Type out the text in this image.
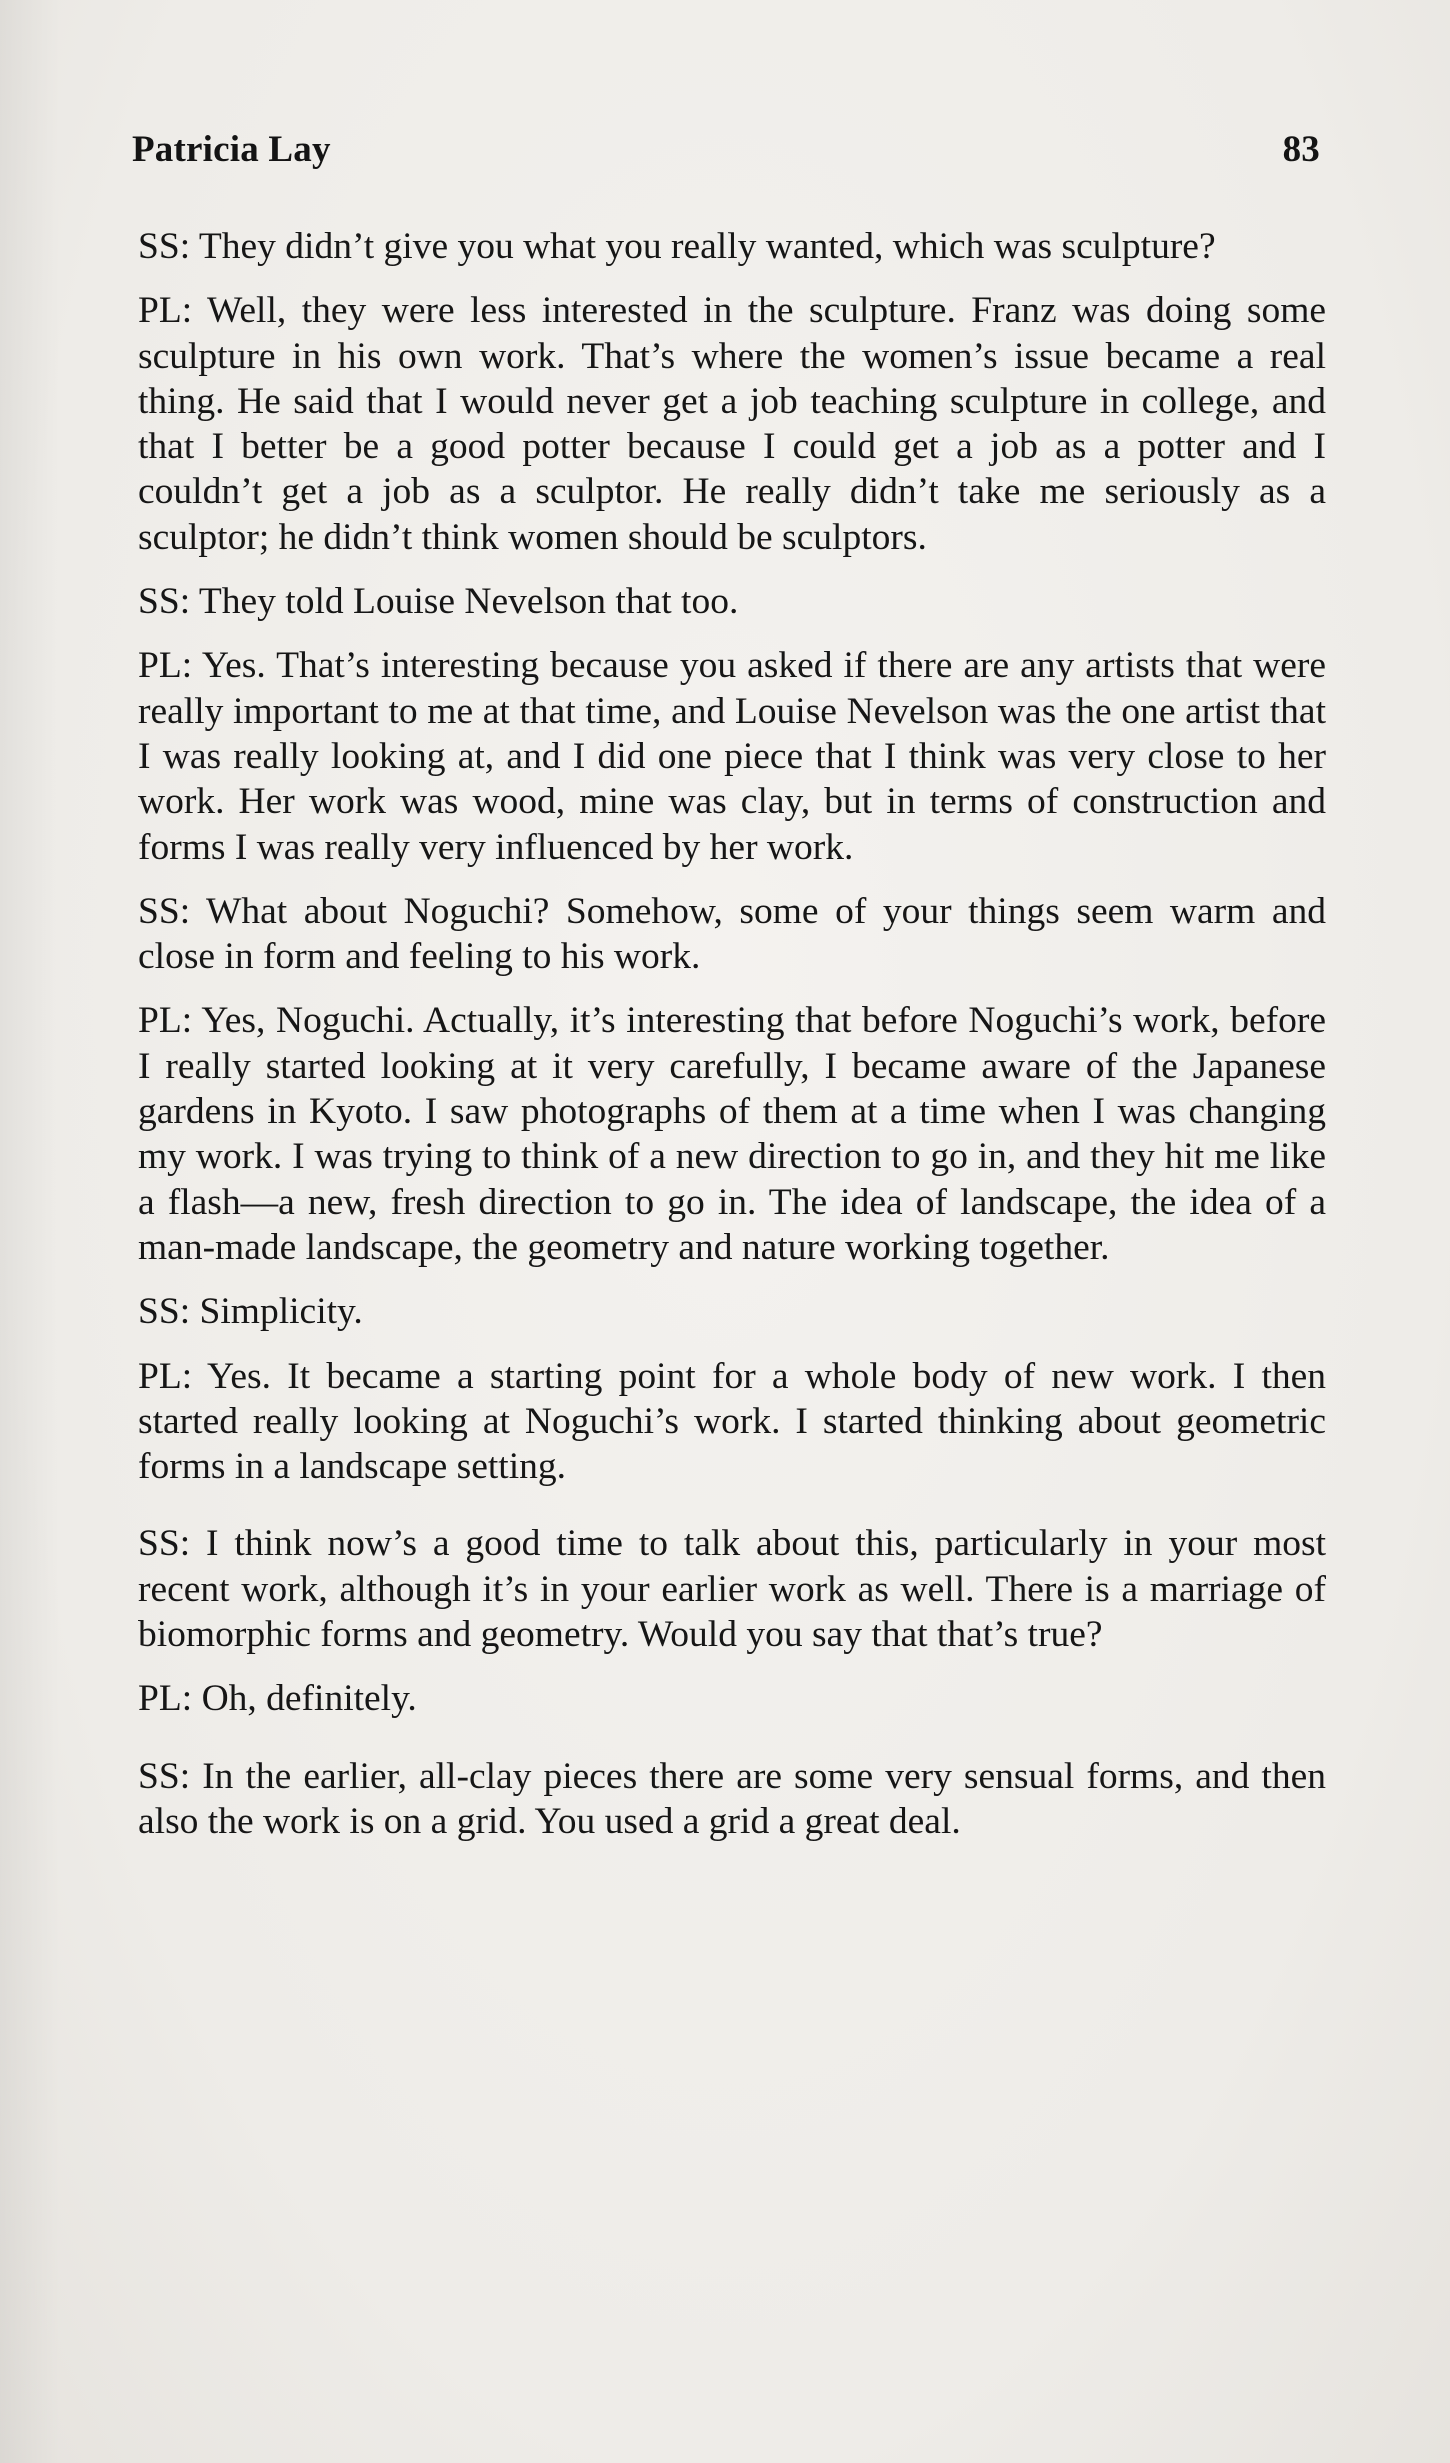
Patricia Lay	83

SS: They didn’t give you what you really wanted, which was sculpture?

PL: Well, they were less interested in the sculpture. Franz was doing some sculpture in his own work. That’s where the women’s issue became a real thing. He said that I would never get a job teaching sculpture in college, and that I better be a good potter because I could get a job as a potter and I couldn’t get a job as a sculptor. He really didn’t take me seriously as a sculptor; he didn’t think women should be sculptors.

SS: They told Louise Nevelson that too.

PL: Yes. That’s interesting because you asked if there are any artists that were really important to me at that time, and Louise Nevelson was the one artist that I was really looking at, and I did one piece that I think was very close to her work. Her work was wood, mine was clay, but in terms of construction and forms I was really very influenced by her work.

SS: What about Noguchi? Somehow, some of your things seem warm and close in form and feeling to his work.

PL: Yes, Noguchi. Actually, it’s interesting that before Noguchi’s work, before I really started looking at it very carefully, I became aware of the Japanese gardens in Kyoto. I saw photographs of them at a time when I was changing my work. I was trying to think of a new direction to go in, and they hit me like a flash—a new, fresh direction to go in. The idea of landscape, the idea of a man-made landscape, the geometry and nature working together.

SS: Simplicity.

PL: Yes. It became a starting point for a whole body of new work. I then started really looking at Noguchi’s work. I started thinking about geometric forms in a landscape setting.

SS: I think now’s a good time to talk about this, particularly in your most recent work, although it’s in your earlier work as well. There is a marriage of biomorphic forms and geometry. Would you say that that’s true?

PL: Oh, definitely.

SS: In the earlier, all-clay pieces there are some very sensual forms, and then also the work is on a grid. You used a grid a great deal.
